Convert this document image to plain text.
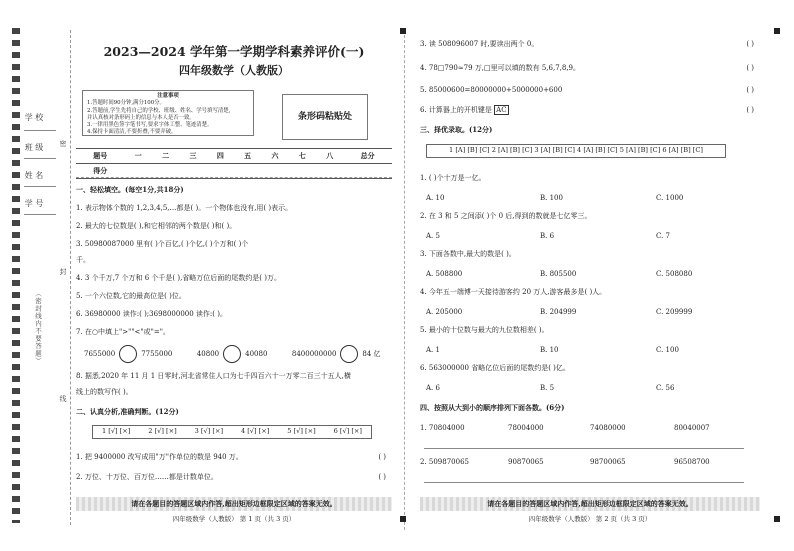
学 校
班 级
姓 名
学 号
密
封
线
（密封线内不要答题）
2023—2024 学年第一学期学科素养评价(一)
四年级数学（人教版）
注意事项
1.答题时间90分钟,满分100分。
2.答题前,学生先将自己的学校、班级、姓名、学号填写清楚,
并认真核对条形码上的信息与本人是否一致。
3.一律用黑色签字笔书写,要求字体工整、笔迹清楚。
4.保持卡面清洁,不要折叠,不要弄破。
条形码粘贴处
题号	一	二	三	四	五	六	七	八	总分
得分									
一、轻松填空。(每空1分,共18分)
1. 表示物体个数的 1,2,3,4,5,…都是( )。一个物体也没有,用( )表示。
2. 最大的七位数是( ),和它相邻的两个数是( )和( )。
3. 50980087000 里有( )个百亿,( )个亿,( )个万和( )个
千。
4. 3 个千万,7 个万和 6 个千是( ),省略万位后面的尾数约是( )万。
5. 一个六位数,它的最高位是( )位。
6. 36980000 读作:( );3698000000 读作:( )。
7. 在○中填上">""<"或"="。
7655000	7755000	40800	40080	8400000000	84 亿
8. 据悉,2020 年 11 月 1 日零时,河北省常住人口为七千四百六十一万零二百三十五人,横
线上的数写作( )。
二、认真分析,准确判断。(12分)
1 [√] [×]	2 [√] [×]	3 [√] [×]	4 [√] [×]	5 [√] [×]	6 [√] [×]
1. 把 9400000 改写成用"万"作单位的数是 940 万。	( )
2. 万位、十万位、百万位……都是计数单位。	( )
请在各题目的答题区域内作答,超出矩形边框限定区域的答案无效。
四年级数学（人教版） 第 1 页（共 3 页）
3. 读 508096007 时,要读出两个 0。	( )
4. 78□790≈79 万,□里可以填的数有 5,6,7,8,9。	( )
5. 85000600=80000000+5000000+600	( )
6. 计算器上的开机键是 AC	( )
三、择优录取。(12分)
1 [A] [B] [C] 2 [A] [B] [C] 3 [A] [B] [C] 4 [A] [B] [C] 5 [A] [B] [C] 6 [A] [B] [C]
1. ( )个十万是一亿。
A. 10	B. 100	C. 1000
2. 在 3 和 5 之间添( )个 0 后,得到的数就是七亿零三。
A. 5	B. 6	C. 7
3. 下面各数中,最大的数是( )。
A. 508800	B. 805500	C. 508080
4. 今年五一端博一天接待游客约 20 万人,游客最多是( )人。
A. 205000	B. 204999	C. 209999
5. 最小的十位数与最大的九位数相差( )。
A. 1	B. 10	C. 100
6. 563000000 省略亿位后面的尾数约是( )亿。
A. 6	B. 5	C. 56
四、按照从大到小的顺序排列下面各数。(6分)
1. 70804000	78004000	74080000	80040007
2. 509870065	90870065	98700065	96508700
请在各题目的答题区域内作答,超出矩形边框限定区域的答案无效。
四年级数学（人教版） 第 2 页（共 3 页）
